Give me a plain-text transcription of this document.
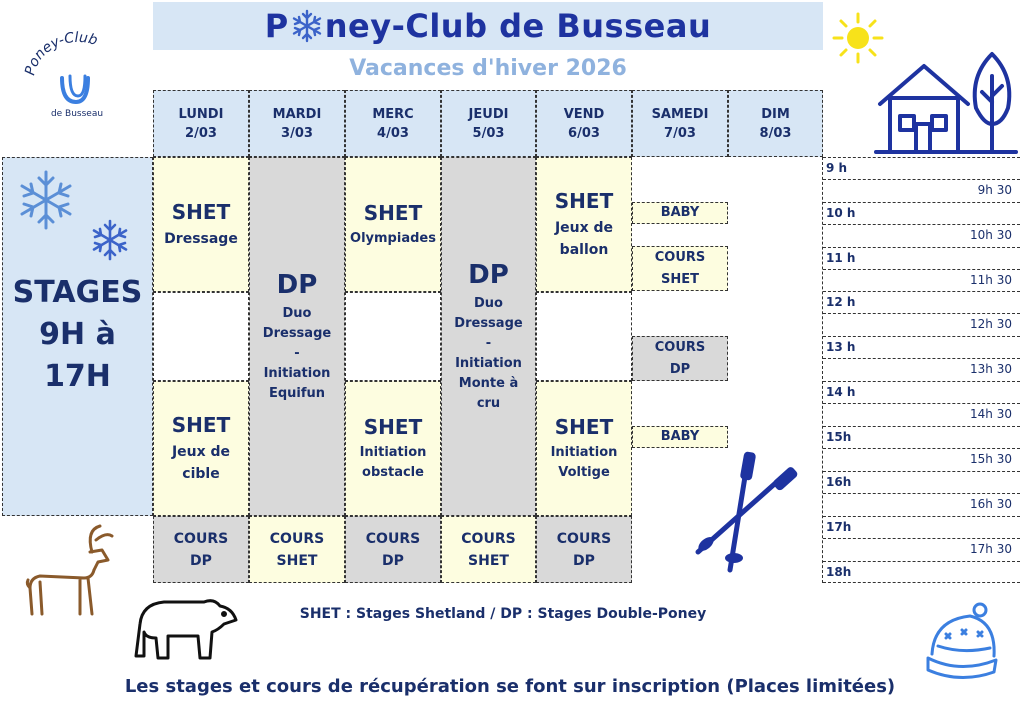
P ney-Club de Busseau
Vacances d'hiver 2026
Poney-Club
de Busseau	LUNDI
2/03
MARDI
3/03
MERC
4/03
JEUDI
5/03
VEND
6/03
SAMEDI
7/03
DIM
8/03
STAGES
9H à
17H
SHET
Dressage
SHET
Jeux de
cible
DP
Duo
Dressage
-
Initiation
Equifun
SHET
Olympiades
SHET
Initiation
obstacle
DP
Duo
Dressage
-
Initiation
Monte à
cru
SHET
Jeux de
ballon
SHET
Initiation
Voltige
BABY
COURS
SHET
COURS
DP
BABY
COURS
DP
COURS
SHET
COURS
DP
COURS
SHET
COURS
DP
9 h
9h 30
10 h
10h 30
11 h
11h 30
12 h
12h 30
13 h
13h 30
14 h
14h 30
15h
15h 30
16h
16h 30
17h
17h 30
18h
SHET : Stages Shetland / DP : Stages Double-Poney
Les stages et cours de récupération se font sur inscription (Places limitées)
